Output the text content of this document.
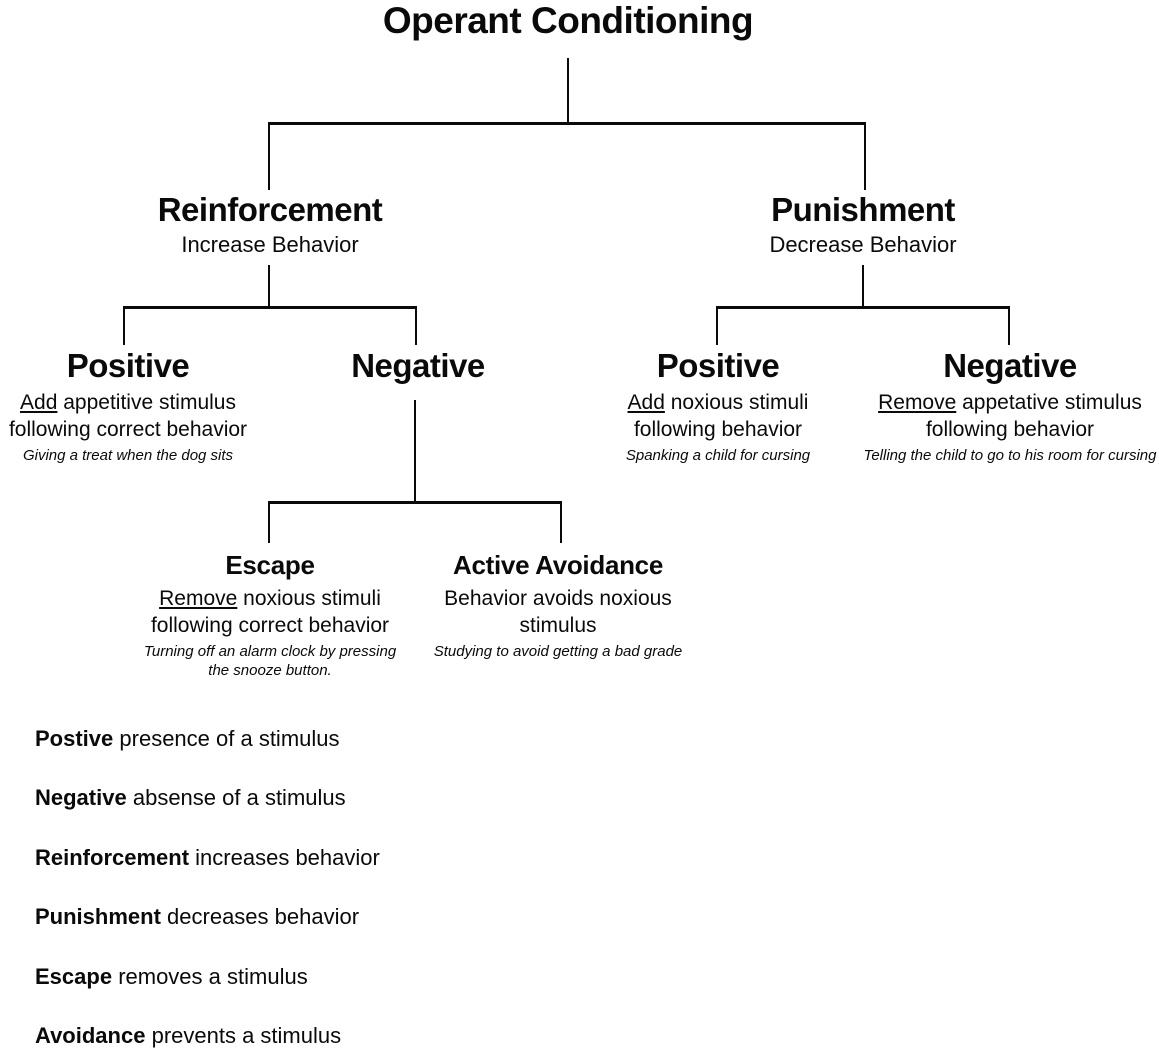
Operant Conditioning
Reinforcement
Increase Behavior
Punishment
Decrease Behavior
Positive
Add appetitive stimulus
following correct behavior
Giving a treat when the dog sits
Negative	Positive
Add noxious stimuli
following behavior
Spanking a child for cursing
Negative
Remove appetative stimulus
following behavior
Telling the child to go to his room for cursing
Escape
Remove noxious stimuli
following correct behavior
Turning off an alarm clock by pressing the snooze button.
Active Avoidance
Behavior avoids noxious
stimulus
Studying to avoid getting a bad grade
Postive presence of a stimulus
Negative absense of a stimulus
Reinforcement increases behavior
Punishment decreases behavior
Escape removes a stimulus
Avoidance prevents a stimulus
